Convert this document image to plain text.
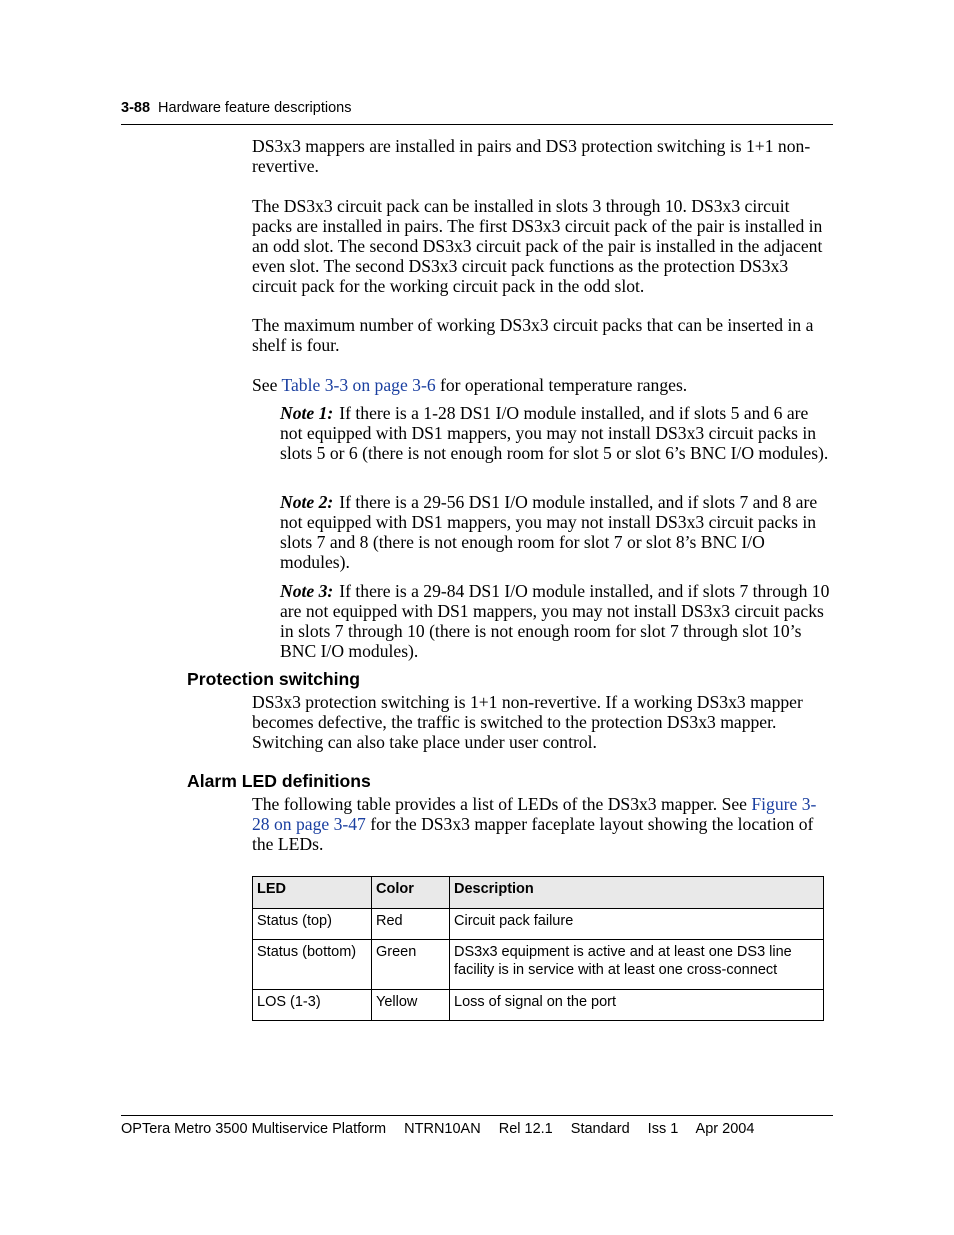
3-88 Hardware feature descriptions
DS3x3 mappers are installed in pairs and DS3 protection switching is 1+1 non-revertive.
The DS3x3 circuit pack can be installed in slots 3 through 10. DS3x3 circuit packs are installed in pairs. The first DS3x3 circuit pack of the pair is installed in an odd slot. The second DS3x3 circuit pack of the pair is installed in the adjacent even slot. The second DS3x3 circuit pack functions as the protection DS3x3 circuit pack for the working circuit pack in the odd slot.
The maximum number of working DS3x3 circuit packs that can be inserted in a shelf is four.
See Table 3-3 on page 3-6 for operational temperature ranges.
Note 1: If there is a 1-28 DS1 I/O module installed, and if slots 5 and 6 are not equipped with DS1 mappers, you may not install DS3x3 circuit packs in slots 5 or 6 (there is not enough room for slot 5 or slot 6’s BNC I/O modules).
Note 2: If there is a 29-56 DS1 I/O module installed, and if slots 7 and 8 are not equipped with DS1 mappers, you may not install DS3x3 circuit packs in slots 7 and 8 (there is not enough room for slot 7 or slot 8’s BNC I/O modules).
Note 3: If there is a 29-84 DS1 I/O module installed, and if slots 7 through 10 are not equipped with DS1 mappers, you may not install DS3x3 circuit packs in slots 7 through 10 (there is not enough room for slot 7 through slot 10’s BNC I/O modules).
Protection switching
DS3x3 protection switching is 1+1 non-revertive. If a working DS3x3 mapper becomes defective, the traffic is switched to the protection DS3x3 mapper. Switching can also take place under user control.
Alarm LED definitions
The following table provides a list of LEDs of the DS3x3 mapper. See Figure 3-28 on page 3-47 for the DS3x3 mapper faceplate layout showing the location of the LEDs.
LED	Color	Description
Status (top)	Red	Circuit pack failure
Status (bottom)	Green	DS3x3 equipment is active and at least one DS3 line facility is in service with at least one cross-connect
LOS (1-3)	Yellow	Loss of signal on the port
OPTera Metro 3500 Multiservice Platform NTRN10AN Rel 12.1 Standard Iss 1 Apr 2004
